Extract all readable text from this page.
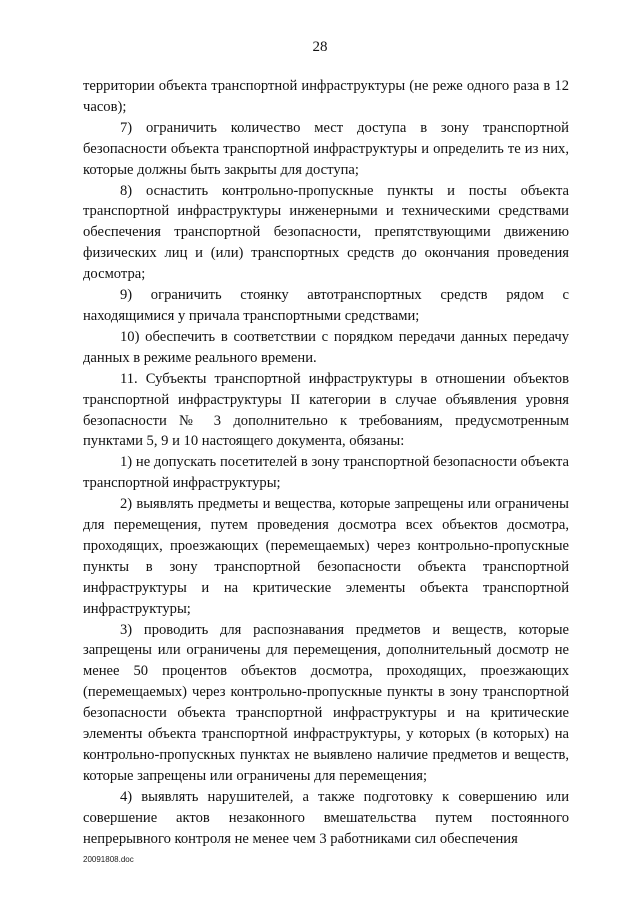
28

территории объекта транспортной инфраструктуры (не реже одного раза в 12 часов);

7) ограничить количество мест доступа в зону транспортной безопасности объекта транспортной инфраструктуры и определить те из них, которые должны быть закрыты для доступа;

8) оснастить контрольно-пропускные пункты и посты объекта транспортной инфраструктуры инженерными и техническими средствами обеспечения транспортной безопасности, препятствующими движению физических лиц и (или) транспортных средств до окончания проведения досмотра;

9) ограничить стоянку автотранспортных средств рядом с находящимися у причала транспортными средствами;

10) обеспечить в соответствии с порядком передачи данных передачу данных в режиме реального времени.

11. Субъекты транспортной инфраструктуры в отношении объектов транспортной инфраструктуры II категории в случае объявления уровня безопасности № 3 дополнительно к требованиям, предусмотренным пунктами 5, 9 и 10 настоящего документа, обязаны:

1) не допускать посетителей в зону транспортной безопасности объекта транспортной инфраструктуры;

2) выявлять предметы и вещества, которые запрещены или ограничены для перемещения, путем проведения досмотра всех объектов досмотра, проходящих, проезжающих (перемещаемых) через контрольно-пропускные пункты в зону транспортной безопасности объекта транспортной инфраструктуры и на критические элементы объекта транспортной инфраструктуры;

3) проводить для распознавания предметов и веществ, которые запрещены или ограничены для перемещения, дополнительный досмотр не менее 50 процентов объектов досмотра, проходящих, проезжающих (перемещаемых) через контрольно-пропускные пункты в зону транспортной безопасности объекта транспортной инфраструктуры и на критические элементы объекта транспортной инфраструктуры, у которых (в которых) на контрольно-пропускных пунктах не выявлено наличие предметов и веществ, которые запрещены или ограничены для перемещения;

4) выявлять нарушителей, а также подготовку к совершению или совершение актов незаконного вмешательства путем постоянного непрерывного контроля не менее чем 3 работниками сил обеспечения

20091808.doc
